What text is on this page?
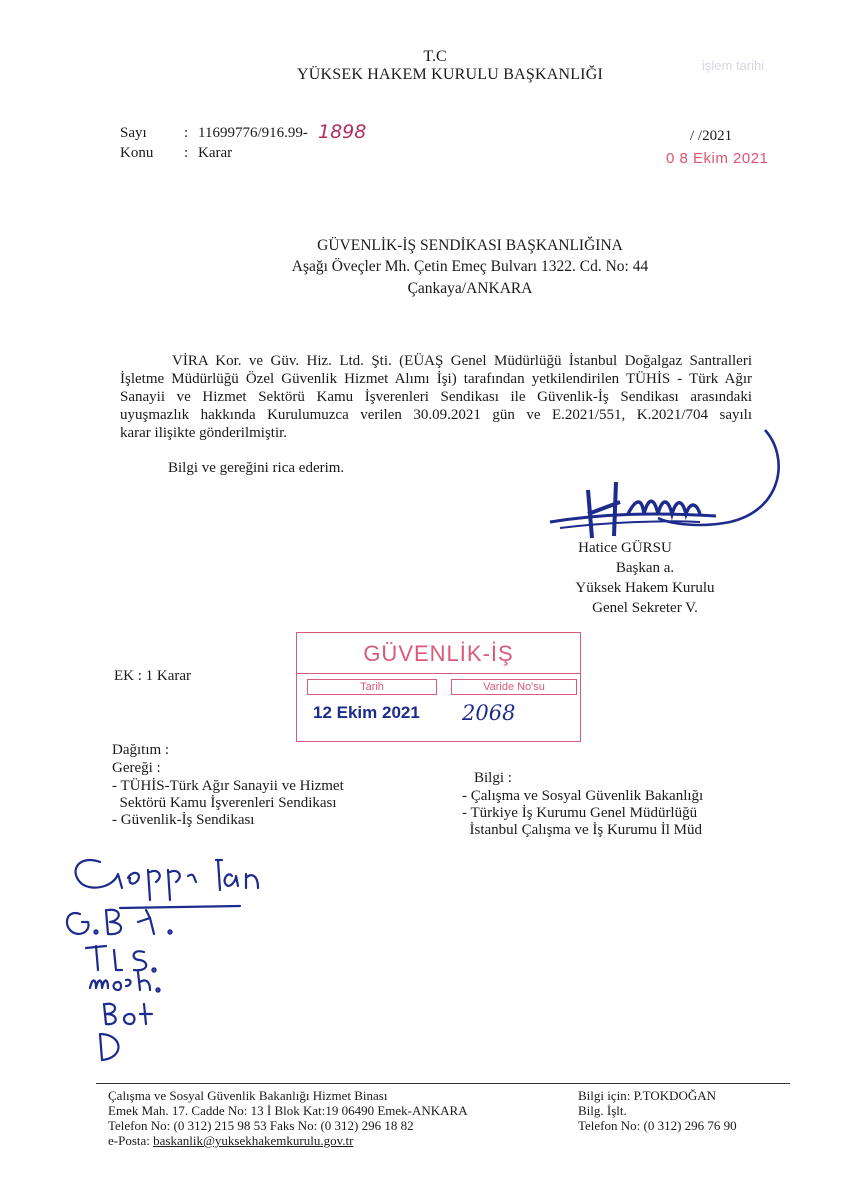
T.C
YÜKSEK HAKEM KURULU BAŞKANLIĞI
işlem tarihi
Sayı : 11699776/916.99- 1898
Konu : Karar
/ /2021
0 8 Ekim 2021
GÜVENLİK-İŞ SENDİKASI BAŞKANLIĞINA
Aşağı Öveçler Mh. Çetin Emeç Bulvarı 1322. Cd. No: 44
Çankaya/ANKARA
VİRA Kor. ve Güv. Hiz. Ltd. Şti. (EÜAŞ Genel Müdürlüğü İstanbul Doğalgaz Santralleri
İşletme Müdürlüğü Özel Güvenlik Hizmet Alımı İşi) tarafından yetkilendirilen TÜHİS - Türk Ağır
Sanayii ve Hizmet Sektörü Kamu İşverenleri Sendikası ile Güvenlik-İş Sendikası arasındaki
uyuşmazlık hakkında Kurulumuzca verilen 30.09.2021 gün ve E.2021/551, K.2021/704 sayılı
karar ilişikte gönderilmiştir.
Bilgi ve gereğini rica ederim.
Hatice GÜRSU
Başkan a.
Yüksek Hakem Kurulu
Genel Sekreter V.
GÜVENLİK-İŞ
Tarih	Varide No'su
12 Ekim 2021 2068
EK : 1 Karar
Dağıtım :
Gereği :
- TÜHİS-Türk Ağır Sanayii ve Hizmet
Sektörü Kamu İşverenleri Sendikası
- Güvenlik-İş Sendikası
Bilgi :
- Çalışma ve Sosyal Güvenlik Bakanlığı
- Türkiye İş Kurumu Genel Müdürlüğü
İstanbul Çalışma ve İş Kurumu İl Müd
Çalışma ve Sosyal Güvenlik Bakanlığı Hizmet Binası
Emek Mah. 17. Cadde No: 13 İ Blok Kat:19 06490 Emek-ANKARA
Telefon No: (0 312) 215 98 53 Faks No: (0 312) 296 18 82
e-Posta: baskanlik@yuksekhakemkurulu.gov.tr
Bilgi için: P.TOKDOĞAN
Bilg. İşlt.
Telefon No: (0 312) 296 76 90
